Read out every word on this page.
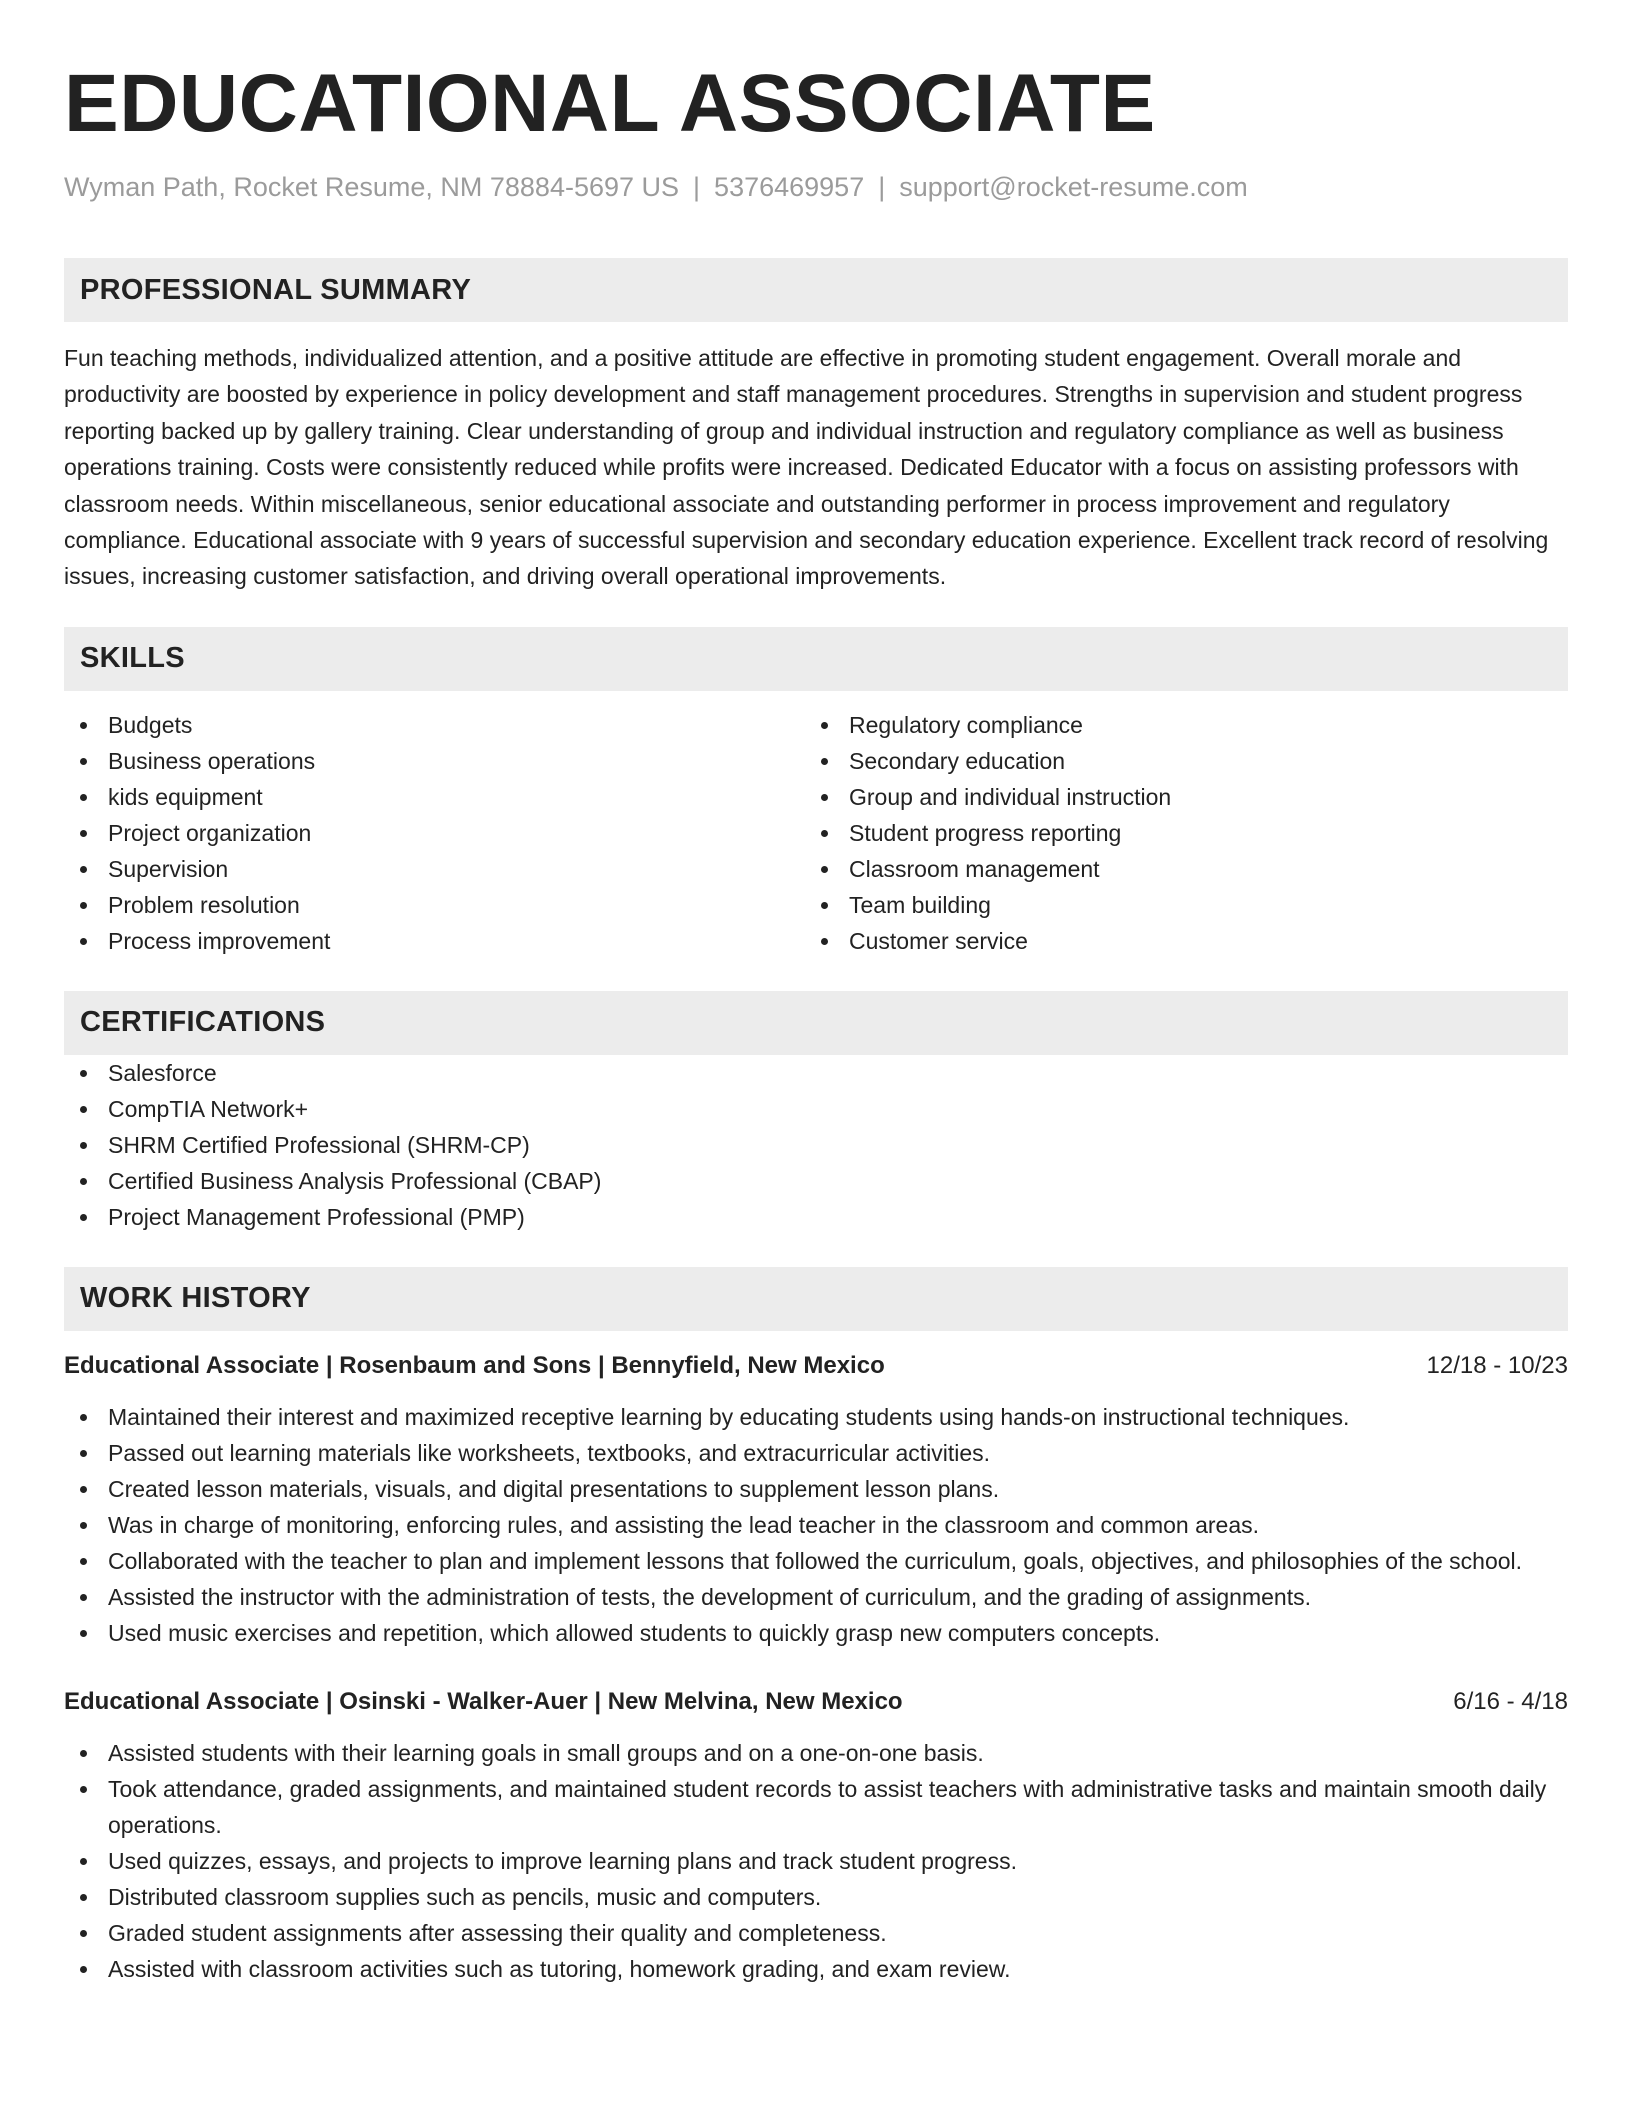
EDUCATIONAL ASSOCIATE
Wyman Path, Rocket Resume, NM 78884-5697 US | 5376469957 | support@rocket-resume.com
PROFESSIONAL SUMMARY

Fun teaching methods, individualized attention, and a positive attitude are effective in promoting student engagement. Overall morale and productivity are boosted by experience in policy development and staff management procedures. Strengths in supervision and student progress reporting backed up by gallery training. Clear understanding of group and individual instruction and regulatory compliance as well as business operations training. Costs were consistently reduced while profits were increased. Dedicated Educator with a focus on assisting professors with classroom needs. Within miscellaneous, senior educational associate and outstanding performer in process improvement and regulatory compliance. Educational associate with 9 years of successful supervision and secondary education experience. Excellent track record of resolving issues, increasing customer satisfaction, and driving overall operational improvements.

SKILLS
Budgets
Business operations
kids equipment
Project organization
Supervision
Problem resolution
Process improvement
Regulatory compliance
Secondary education
Group and individual instruction
Student progress reporting
Classroom management
Team building
Customer service
CERTIFICATIONS
Salesforce
CompTIA Network+
SHRM Certified Professional (SHRM-CP)
Certified Business Analysis Professional (CBAP)
Project Management Professional (PMP)
WORK HISTORY
Educational Associate | Rosenbaum and Sons | Bennyfield, New Mexico	12/18 - 10/23
Maintained their interest and maximized receptive learning by educating students using hands-on instructional techniques.
Passed out learning materials like worksheets, textbooks, and extracurricular activities.
Created lesson materials, visuals, and digital presentations to supplement lesson plans.
Was in charge of monitoring, enforcing rules, and assisting the lead teacher in the classroom and common areas.
Collaborated with the teacher to plan and implement lessons that followed the curriculum, goals, objectives, and philosophies of the school.
Assisted the instructor with the administration of tests, the development of curriculum, and the grading of assignments.
Used music exercises and repetition, which allowed students to quickly grasp new computers concepts.
Educational Associate | Osinski - Walker-Auer | New Melvina, New Mexico	6/16 - 4/18
Assisted students with their learning goals in small groups and on a one-on-one basis.
Took attendance, graded assignments, and maintained student records to assist teachers with administrative tasks and maintain smooth daily operations.
Used quizzes, essays, and projects to improve learning plans and track student progress.
Distributed classroom supplies such as pencils, music and computers.
Graded student assignments after assessing their quality and completeness.
Assisted with classroom activities such as tutoring, homework grading, and exam review.
